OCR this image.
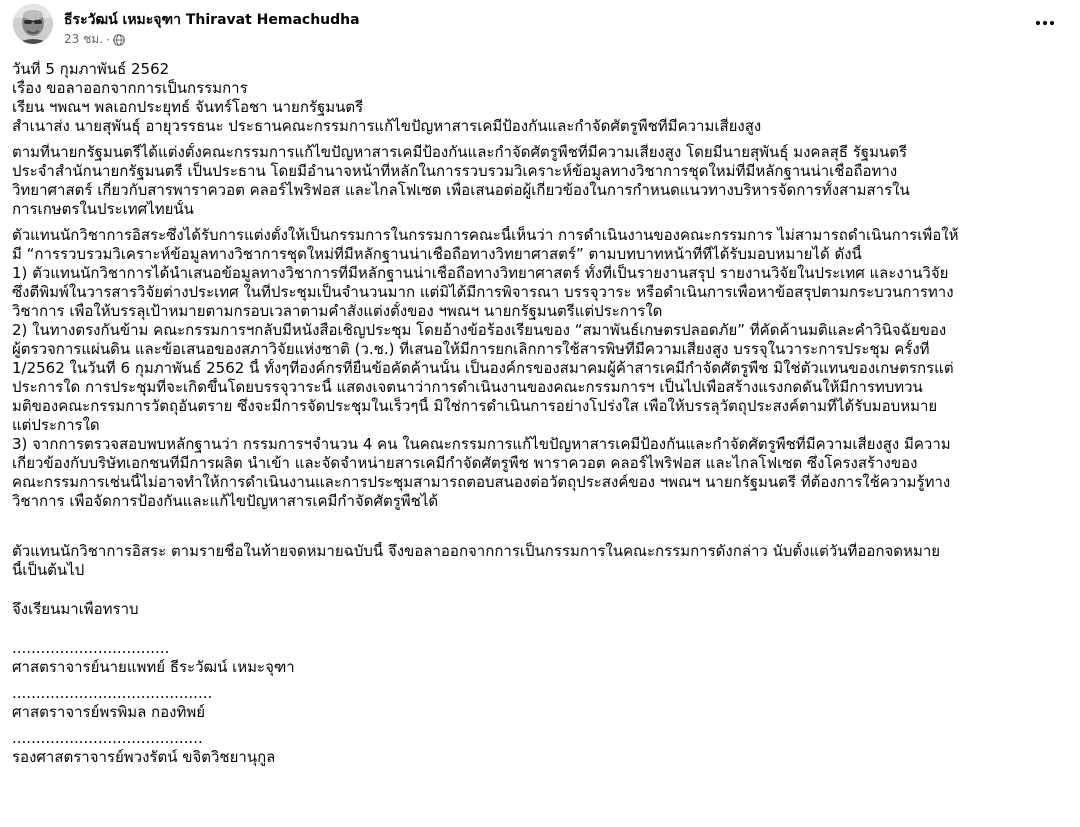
ธีระวัฒน์ เหมะจุฑา Thiravat Hemachudha
23 ชม. ·
วันที่ 5 กุมภาพันธ์ 2562
เรื่อง ขอลาออกจากการเป็นกรรมการ
เรียน ฯพณฯ พลเอกประยุทธ์ จันทร์โอชา นายกรัฐมนตรี
สำเนาส่ง นายสุพันธุ์ อายุวรรธนะ ประธานคณะกรรมการแก้ไขปัญหาสารเคมีป้องกันและกำจัดศัตรูพืชที่มีความเสี่ยงสูง
ตามที่นายกรัฐมนตรีได้แต่งตั้งคณะกรรมการแก้ไขปัญหาสารเคมีป้องกันและกำจัดศัตรูพืชที่มีความเสี่ยงสูง โดยมีนายสุพันธุ์ มงคลสุธี รัฐมนตรี
ประจำสำนักนายกรัฐมนตรี เป็นประธาน โดยมีอำนาจหน้าที่หลักในการรวบรวมวิเคราะห์ข้อมูลทางวิชาการชุดใหม่ที่มีหลักฐานน่าเชื่อถือทาง
วิทยาศาสตร์ เกี่ยวกับสารพาราควอต คลอร์ไพริฟอส และไกลโฟเซต เพื่อเสนอต่อผู้เกี่ยวข้องในการกำหนดแนวทางบริหารจัดการทั้งสามสารใน
การเกษตรในประเทศไทยนั้น
ตัวแทนนักวิชาการอิสระซึ่งได้รับการแต่งตั้งให้เป็นกรรมการในกรรมการคณะนี้เห็นว่า การดำเนินงานของคณะกรรมการ ไม่สามารถดำเนินการเพื่อให้
มี “การรวบรวมวิเคราะห์ข้อมูลทางวิชาการชุดใหม่ที่มีหลักฐานน่าเชื่อถือทางวิทยาศาสตร์” ตามบทบาทหน้าที่ที่ได้รับมอบหมายได้ ดังนี้
1) ตัวแทนนักวิชาการได้นำเสนอข้อมูลทางวิชาการที่มีหลักฐานน่าเชื่อถือทางวิทยาศาสตร์ ทั้งที่เป็นรายงานสรุป รายงานวิจัยในประเทศ และงานวิจัย
ซึ่งตีพิมพ์ในวารสารวิจัยต่างประเทศ ในที่ประชุมเป็นจำนวนมาก แต่มิได้มีการพิจารณา บรรจุวาระ หรือดำเนินการเพื่อหาข้อสรุปตามกระบวนการทาง
วิชาการ เพื่อให้บรรลุเป้าหมายตามกรอบเวลาตามคำสั่งแต่งตั้งของ ฯพณฯ นายกรัฐมนตรีแต่ประการใด
2) ในทางตรงกันข้าม คณะกรรมการฯกลับมีหนังสือเชิญประชุม โดยอ้างข้อร้องเรียนของ “สมาพันธ์เกษตรปลอดภัย” ที่คัดค้านมติและคำวินิจฉัยของ
ผู้ตรวจการแผ่นดิน และข้อเสนอของสภาวิจัยแห่งชาติ (ว.ช.) ที่เสนอให้มีการยกเลิกการใช้สารพิษที่มีความเสี่ยงสูง บรรจุในวาระการประชุม ครั้งที่
1/2562 ในวันที่ 6 กุมภาพันธ์ 2562 นี้ ทั้งๆที่องค์กรที่ยื่นข้อคัดค้านนั้น เป็นองค์กรของสมาคมผู้ค้าสารเคมีกำจัดศัตรูพืช มิใช่ตัวแทนของเกษตรกรแต่
ประการใด การประชุมที่จะเกิดขึ้นโดยบรรจุวาระนี้ แสดงเจตนาว่าการดำเนินงานของคณะกรรมการฯ เป็นไปเพื่อสร้างแรงกดดันให้มีการทบทวน
มติของคณะกรรมการวัตถุอันตราย ซึ่งจะมีการจัดประชุมในเร็วๆนี้ มิใช่การดำเนินการอย่างโปร่งใส เพื่อให้บรรลุวัตถุประสงค์ตามที่ได้รับมอบหมาย
แต่ประการใด
3) จากการตรวจสอบพบหลักฐานว่า กรรมการฯจำนวน 4 คน ในคณะกรรมการแก้ไขปัญหาสารเคมีป้องกันและกำจัดศัตรูพืชที่มีความเสี่ยงสูง มีความ
เกี่ยวข้องกับบริษัทเอกชนที่มีการผลิต นำเข้า และจัดจำหน่ายสารเคมีกำจัดศัตรูพืช พาราควอต คลอร์ไพริฟอส และไกลโฟเซต ซึ่งโครงสร้างของ
คณะกรรมการเช่นนี้ไม่อาจทำให้การดำเนินงานและการประชุมสามารถตอบสนองต่อวัตถุประสงค์ของ ฯพณฯ นายกรัฐมนตรี ที่ต้องการใช้ความรู้ทาง
วิชาการ เพื่อจัดการป้องกันและแก้ไขปัญหาสารเคมีกำจัดศัตรูพืชได้
ตัวแทนนักวิชาการอิสระ ตามรายชื่อในท้ายจดหมายฉบับนี้ จึงขอลาออกจากการเป็นกรรมการในคณะกรรมการดังกล่าว นับตั้งแต่วันที่ออกจดหมาย
นี้เป็นต้นไป
จึงเรียนมาเพื่อทราบ
.................................
ศาสตราจารย์นายแพทย์ ธีระวัฒน์ เหมะจุฑา
..........................................
ศาสตราจารย์พรพิมล กองทิพย์
........................................
รองศาสตราจารย์พวงรัตน์ ขจิตวิชยานุกูล
